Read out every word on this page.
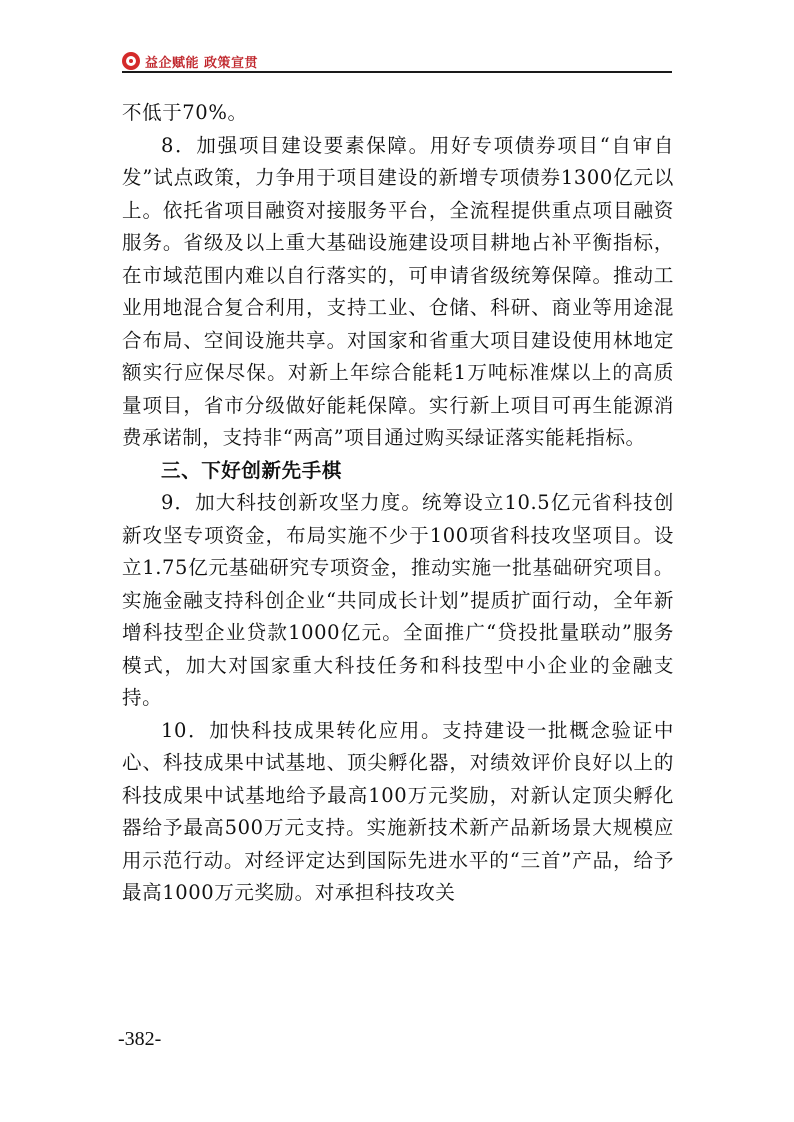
益企赋能 政策宣贯

不低于70%。

8．加强项目建设要素保障。用好专项债券项目“自审自发”试点政策，力争用于项目建设的新增专项债券1300亿元以上。依托省项目融资对接服务平台，全流程提供重点项目融资服务。省级及以上重大基础设施建设项目耕地占补平衡指标，在市域范围内难以自行落实的，可申请省级统筹保障。推动工业用地混合复合利用，支持工业、仓储、科研、商业等用途混合布局、空间设施共享。对国家和省重大项目建设使用林地定额实行应保尽保。对新上年综合能耗1万吨标准煤以上的高质量项目，省市分级做好能耗保障。实行新上项目可再生能源消费承诺制，支持非“两高”项目通过购买绿证落实能耗指标。

三、下好创新先手棋

9．加大科技创新攻坚力度。统筹设立10.5亿元省科技创新攻坚专项资金，布局实施不少于100项省科技攻坚项目。设立1.75亿元基础研究专项资金，推动实施一批基础研究项目。实施金融支持科创企业“共同成长计划”提质扩面行动，全年新增科技型企业贷款1000亿元。全面推广“贷投批量联动”服务模式，加大对国家重大科技任务和科技型中小企业的金融支持。

10．加快科技成果转化应用。支持建设一批概念验证中心、科技成果中试基地、顶尖孵化器，对绩效评价良好以上的科技成果中试基地给予最高100万元奖励，对新认定顶尖孵化器给予最高500万元支持。实施新技术新产品新场景大规模应用示范行动。对经评定达到国际先进水平的“三首”产品，给予最高1000万元奖励。对承担科技攻关

-382-
